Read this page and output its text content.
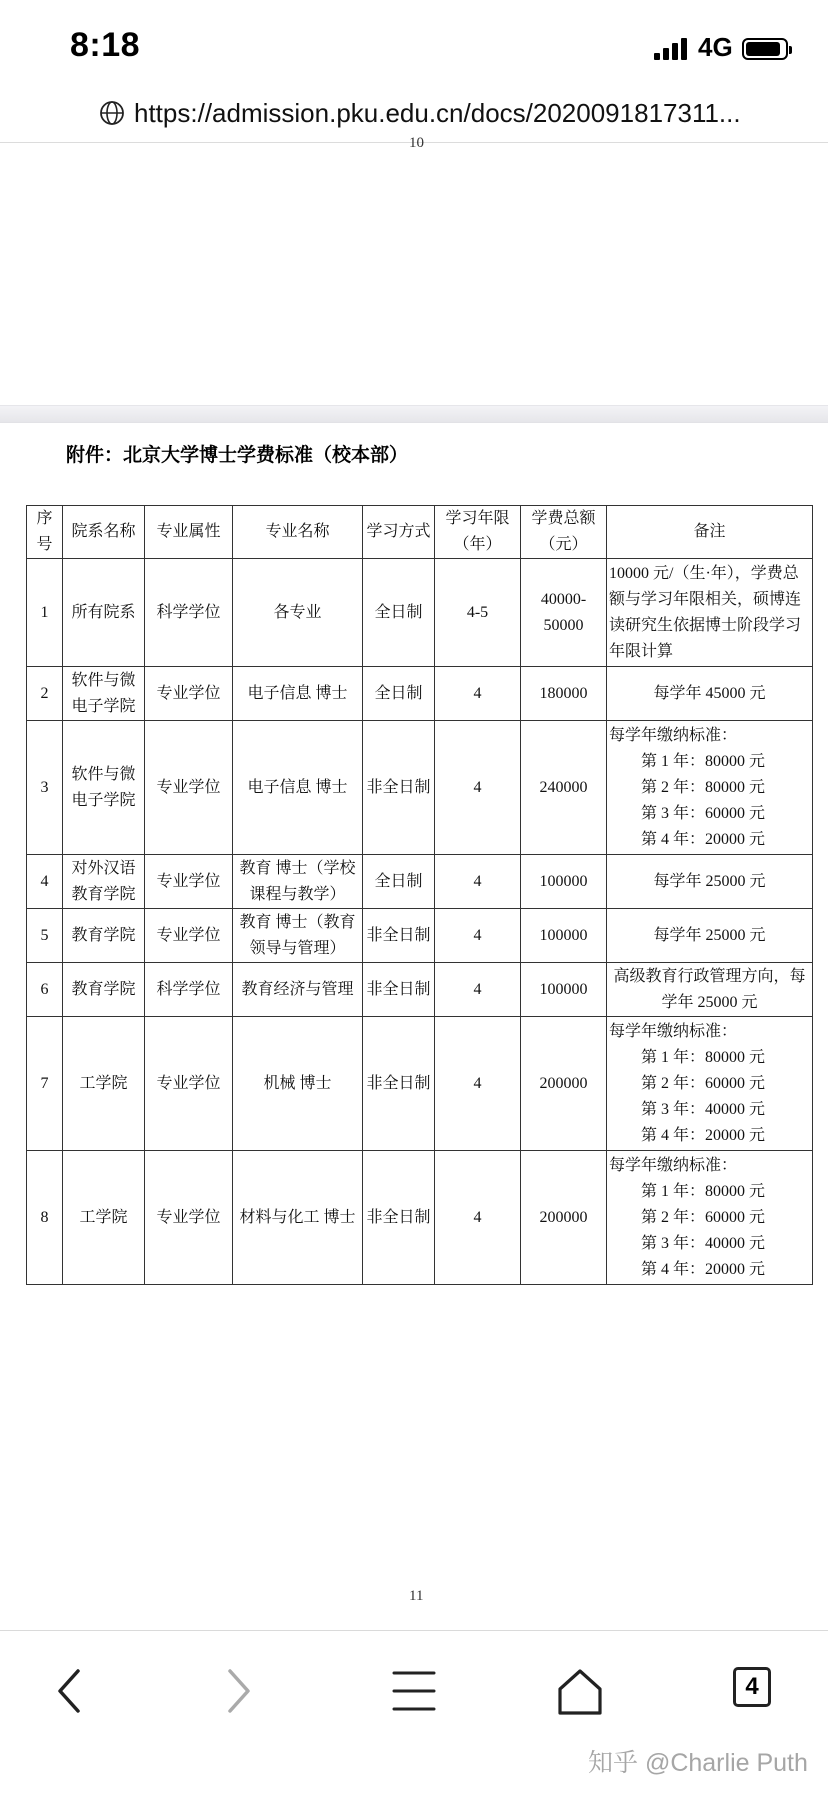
8:18	4G
https://admission.pku.edu.cn/docs/2020091817311...
10
附件：北京大学博士学费标准（校本部）
序号	院系名称	专业属性	专业名称	学习方式	学习年限（年）	学费总额（元）	备注
1	所有院系	科学学位	各专业	全日制	4-5	40000-50000	10000 元/（生·年），学费总额与学习年限相关，硕博连读研究生依据博士阶段学习年限计算
2	软件与微电子学院	专业学位	电子信息 博士	全日制	4	180000	每学年 45000 元
3	软件与微电子学院	专业学位	电子信息 博士	非全日制	4	240000	每学年缴纳标准：
第 1 年：80000 元
第 2 年：80000 元
第 3 年：60000 元
第 4 年：20000 元

4	对外汉语教育学院	专业学位	教育 博士（学校课程与教学）	全日制	4	100000	每学年 25000 元
5	教育学院	专业学位	教育 博士（教育领导与管理）	非全日制	4	100000	每学年 25000 元
6	教育学院	科学学位	教育经济与管理	非全日制	4	100000	高级教育行政管理方向，每学年 25000 元
7	工学院	专业学位	机械 博士	非全日制	4	200000	每学年缴纳标准：
第 1 年：80000 元
第 2 年：60000 元
第 3 年：40000 元
第 4 年：20000 元

8	工学院	专业学位	材料与化工 博士	非全日制	4	200000	每学年缴纳标准：
第 1 年：80000 元
第 2 年：60000 元
第 3 年：40000 元
第 4 年：20000 元
11
4
知乎 @Charlie Puth
